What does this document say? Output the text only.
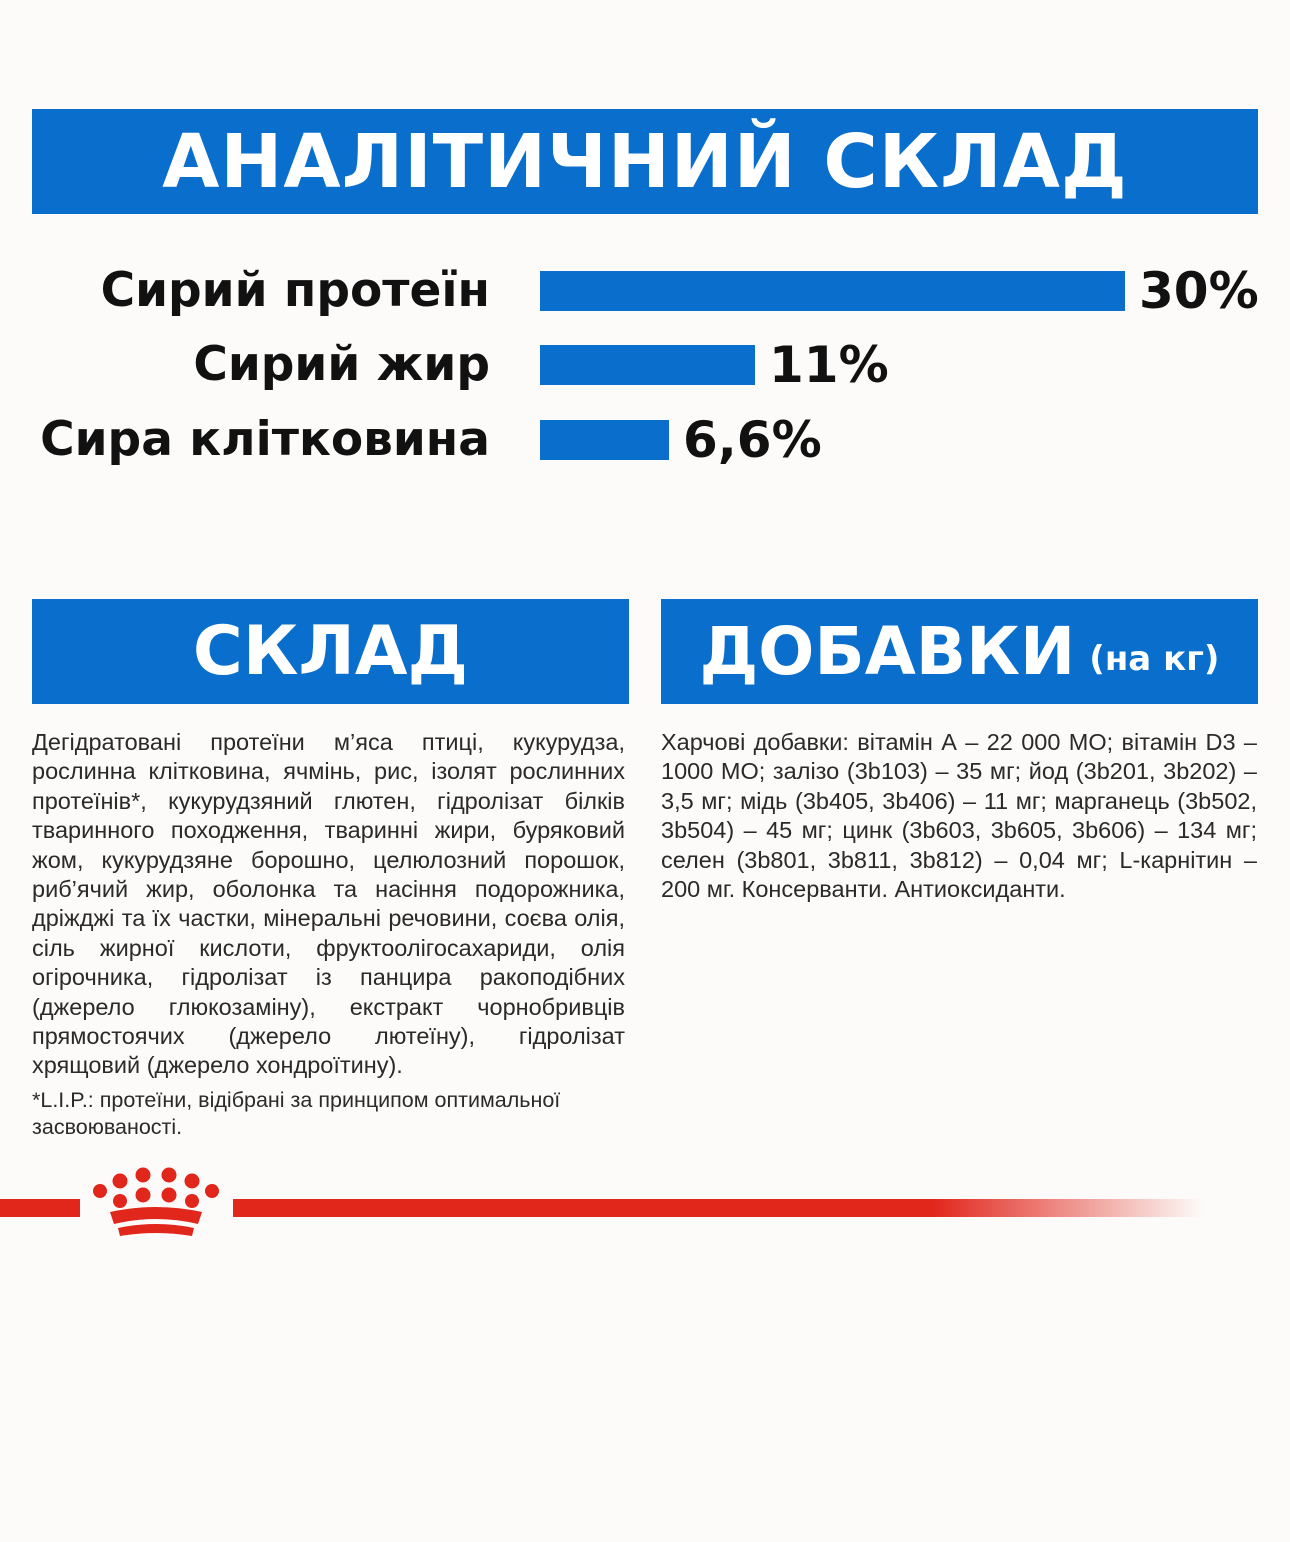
АНАЛІТИЧНИЙ СКЛАД
Сирий протеїн	30%
Сирий жир	11%
Сира клітковина	6,6%
СКЛАД

Дегідратовані протеїни м’яса птиці, кукурудза, рослинна клітковина, ячмінь, рис, ізолят рослинних протеїнів*, кукурудзяний глютен, гідролізат білків тваринного походження, тваринні жири, буряковий жом, кукурудзяне борошно, целюлозний порошок, риб’ячий жир, оболонка та насіння подорожника, дріжджі та їх частки, мінеральні речовини, соєва олія, сіль жирної кислоти, фруктоолігосахариди, олія огірочника, гідролізат із панцира ракоподібних (джерело глюкозаміну), екстракт чорнобривців прямостоячих (джерело лютеїну), гідролізат хрящовий (джерело хондроїтину).

*L.I.P.: протеїни, відібрані за принципом оптимальної засвоюваності.

ДОБАВКИ (на кг)

Харчові добавки: вітамін А – 22 000 МО; вітамін D3 – 1000 МО; залізо (3b103) – 35 мг; йод (3b201, 3b202) – 3,5 мг; мідь (3b405, 3b406) – 11 мг; марганець (3b502, 3b504) – 45 мг; цинк (3b603, 3b605, 3b606) – 134 мг; селен (3b801, 3b811, 3b812) – 0,04 мг; L-карнітин – 200 мг. Консерванти. Антиоксиданти.
